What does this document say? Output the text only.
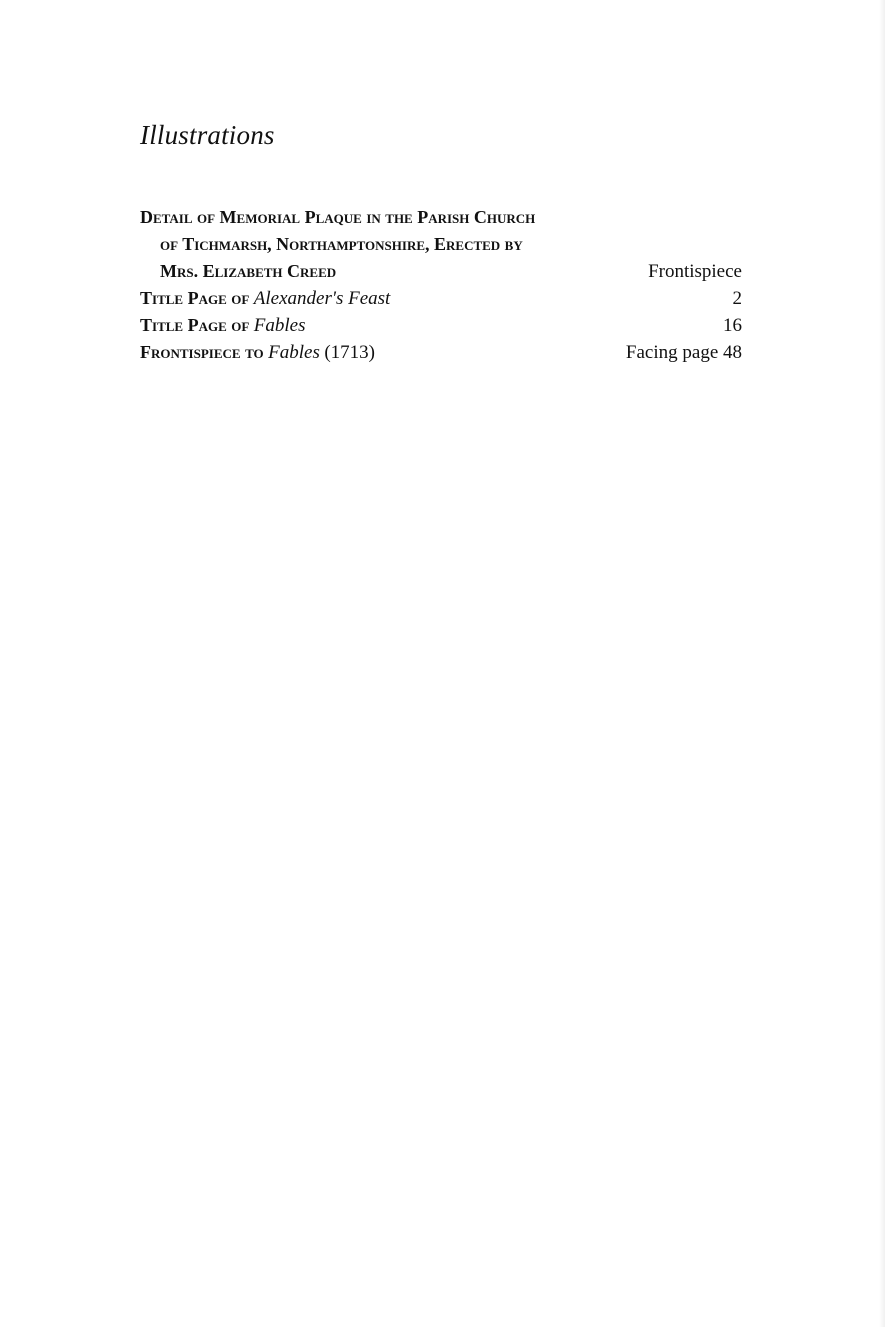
Illustrations
Detail of Memorial Plaque in the Parish Church
of Tichmarsh, Northamptonshire, Erected by
Mrs. Elizabeth Creed	Frontispiece
Title Page of Alexander's Feast	2
Title Page of Fables	16
Frontispiece to Fables (1713)	Facing page 48
